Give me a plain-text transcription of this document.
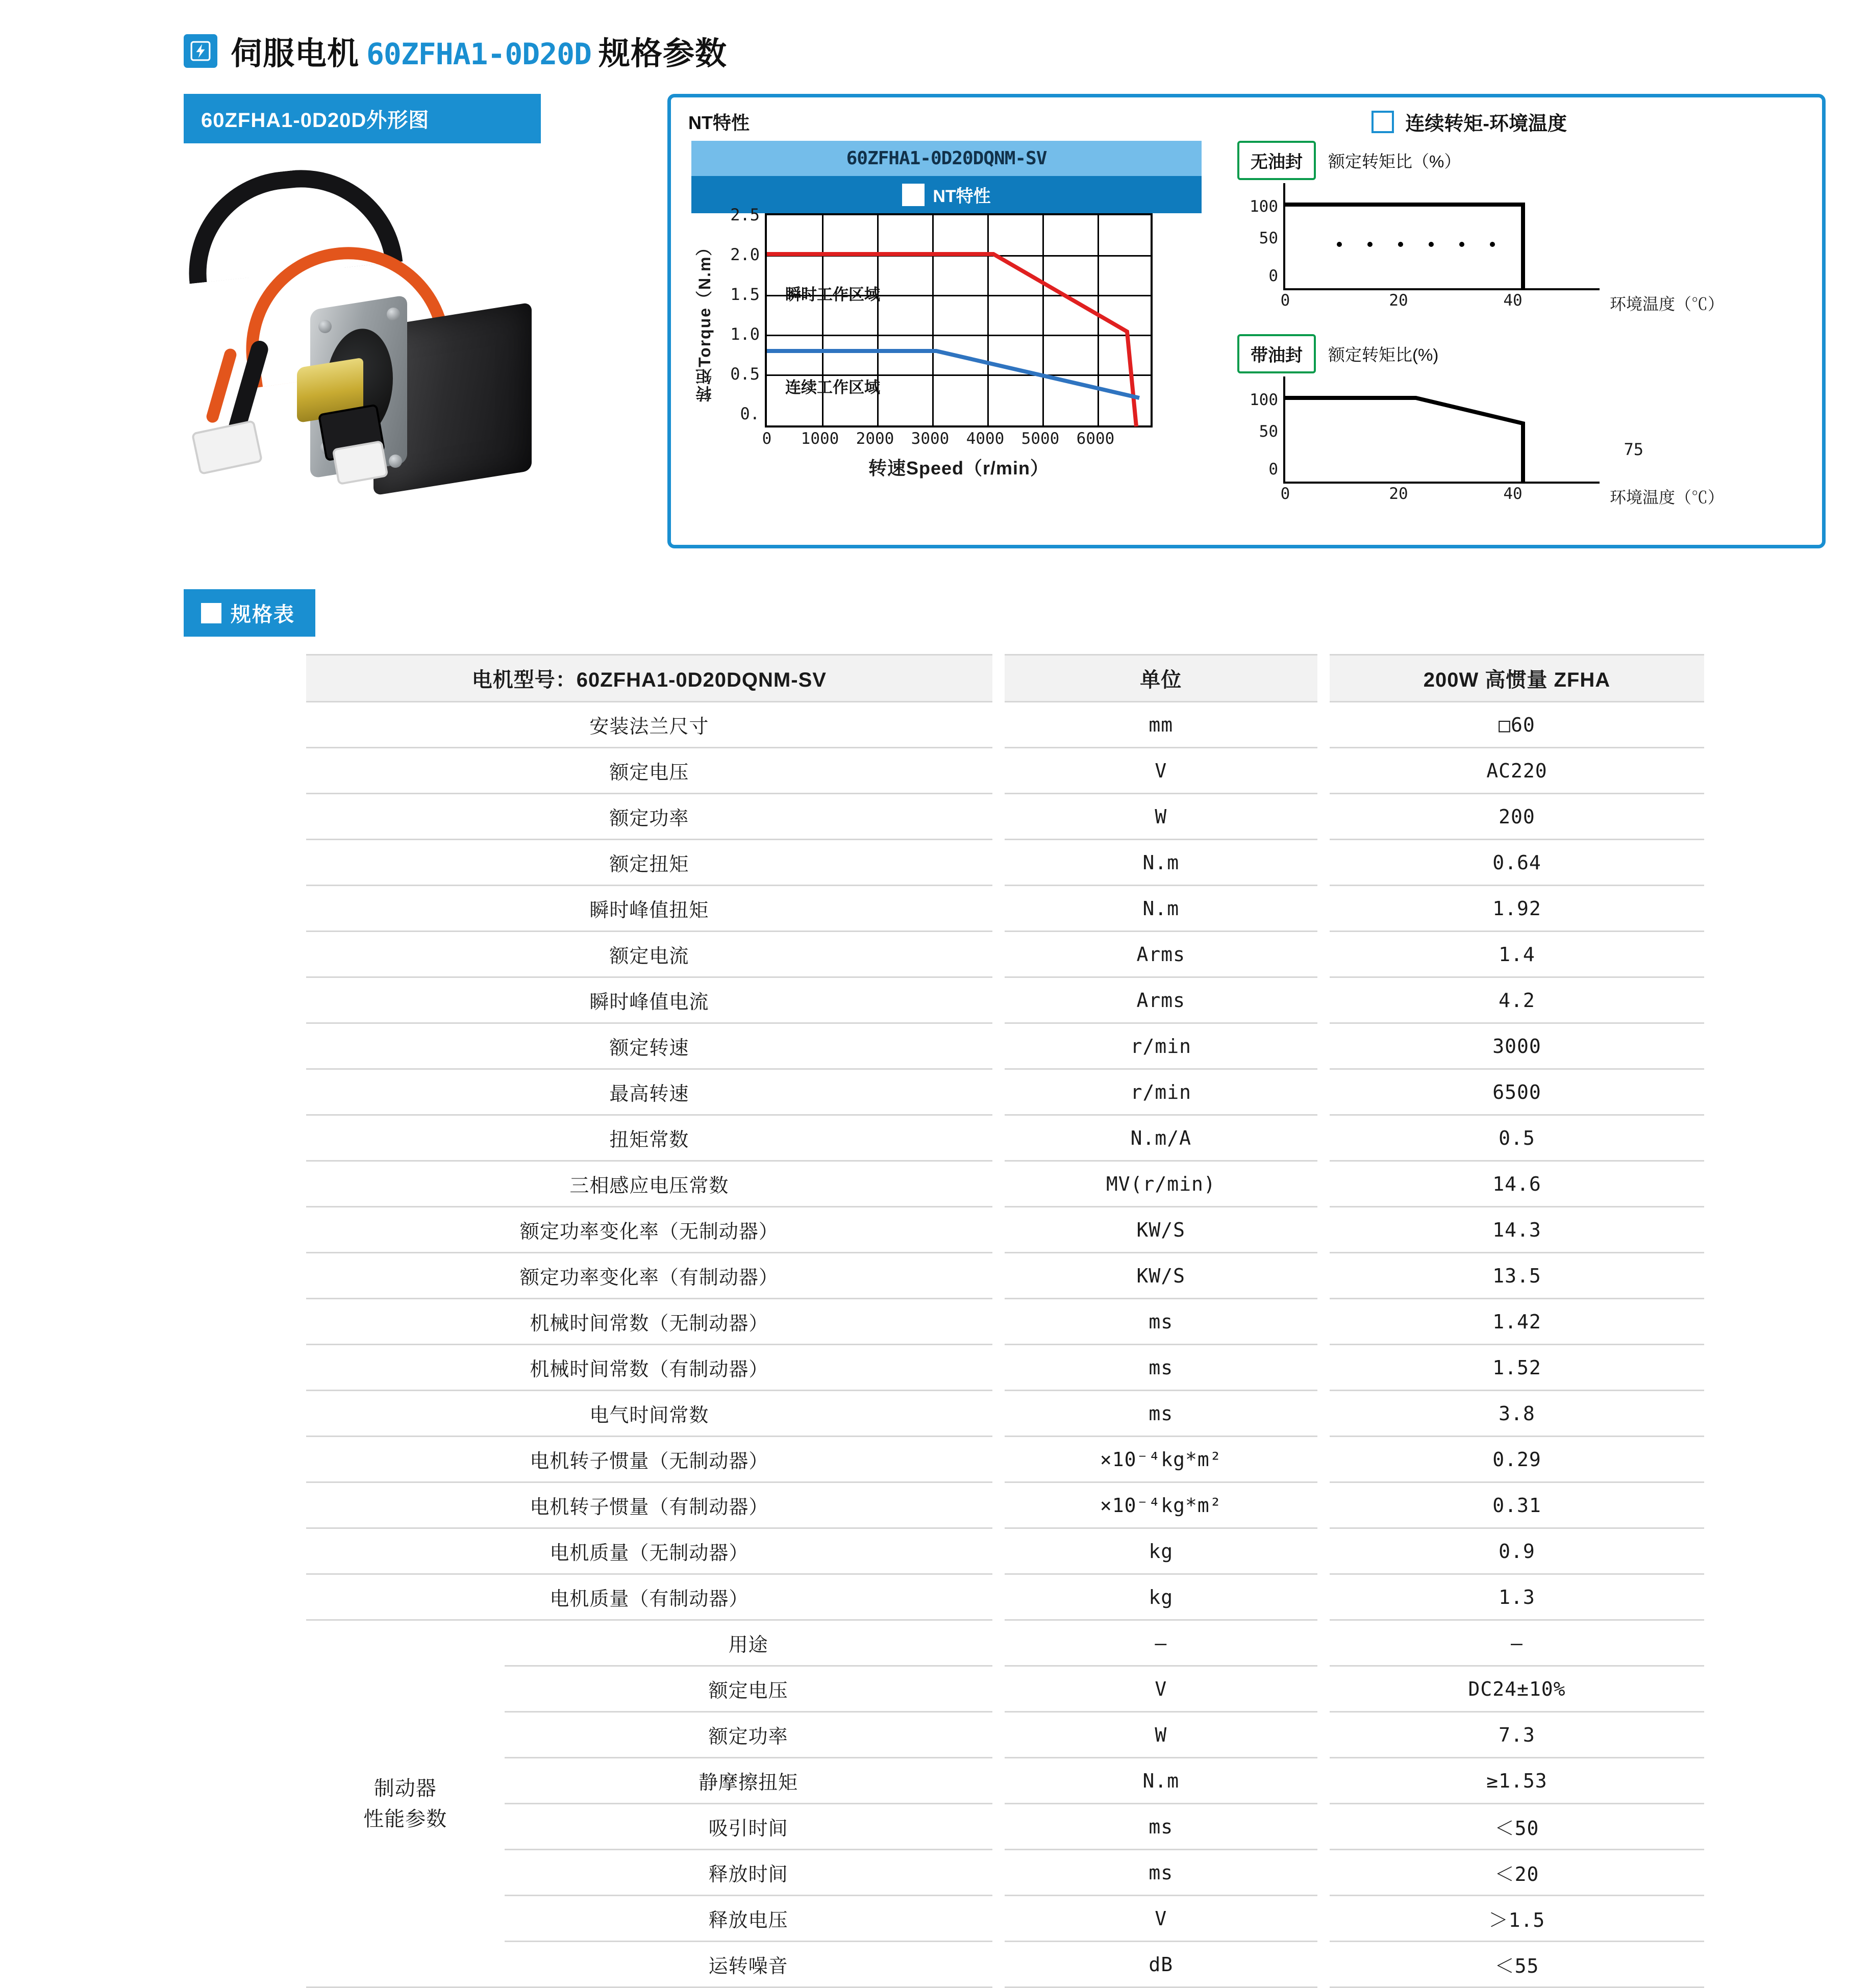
伺服电机 60ZFHA1-0D20D 规格参数
60ZFHA1-0D20D外形图	NT特性	连续转矩-环境温度
60ZFHA1-0D20DQNM-SV
NT特性
转矩Torque（N.m）
2.5
2.0
1.5
1.0
0.5
0.
瞬时工作区域
连续工作区域
0 1000 2000 3000 4000 5000 6000
转速Speed（r/min）
无油封	额定转矩比（%）
100
50
0
0	20	40	环境温度（℃）
带油封	额定转矩比(%)
100
50
0
75
0	20	40	环境温度（℃）
规格表
电机型号：60ZFHA1-0D20DQNM-SV		单位	200W 高惯量 ZFHA
安装法兰尺寸		mm	□60
额定电压		V	AC220
额定功率		W	200
额定扭矩		N.m	0.64
瞬时峰值扭矩		N.m	1.92
额定电流		Arms	1.4
瞬时峰值电流		Arms	4.2
额定转速		r/min	3000
最高转速		r/min	6500
扭矩常数		N.m/A	0.5
三相感应电压常数		MV(r/min)	14.6
额定功率变化率（无制动器）		KW/S	14.3
额定功率变化率（有制动器）		KW/S	13.5
机械时间常数（无制动器）		ms	1.42
机械时间常数（有制动器）		ms	1.52
电气时间常数		ms	3.8
电机转子惯量（无制动器）		×10⁻⁴kg*m²	0.29
电机转子惯量（有制动器）		×10⁻⁴kg*m²	0.31
电机质量（无制动器）		kg	0.9
电机质量（有制动器）		kg	1.3

制动器
性能参数	用途	—	—
	额定电压	V	DC24±10%
	额定功率	W	7.3
	静摩擦扭矩	N.m	≥1.53
	吸引时间	ms	＜50
	释放时间	ms	＜20
	释放电压	V	＞1.5
	运转噪音	dB	＜55
